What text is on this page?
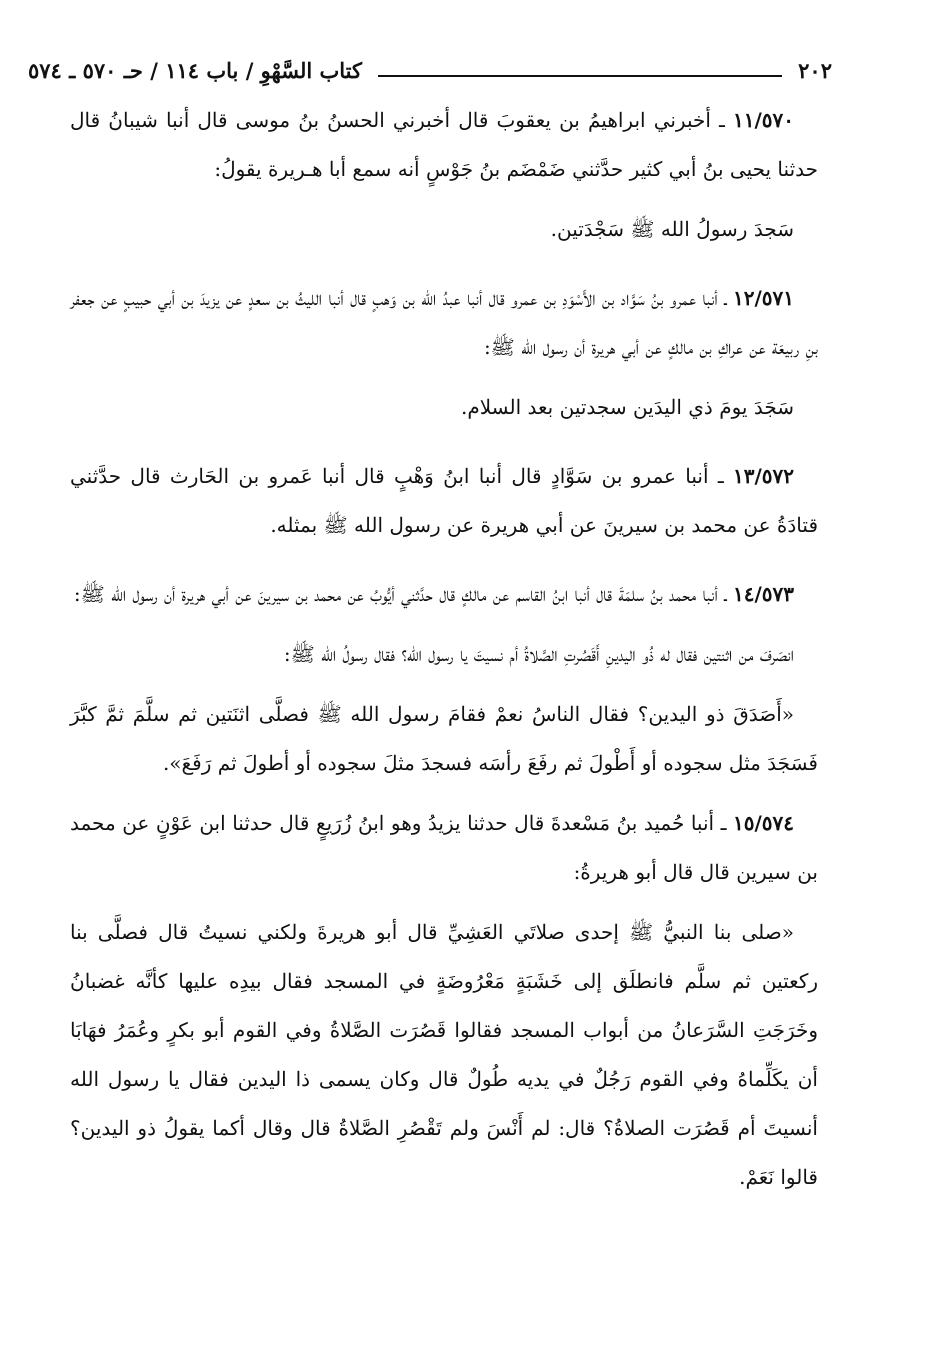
٢٠٢
كتاب السَّهْوِ / باب ١١٤ / حـ ٥٧٠ ـ ٥٧٤

١١/٥٧٠ ـ أخبرني ابراهيمُ بن يعقوبَ قال أخبرني الحسنُ بنُ موسى قال أنبا شيبانُ قال حدثنا يحيى بنُ أبي كثير حدَّثني ضَمْضَم بنُ جَوْسٍ أنه سمع أبا هـريرة يقولُ:

سَجدَ رسولُ الله ﷺ سَجْدَتين.

١٢/٥٧١ ـ أنبا عمرو بنُ سَوَّاد بن الأَسْوَدِ بن عمرو قال أنبا عبدُ الله بن وَهبٍ قال أنبا الليثُ بن سعدٍ عن يزيدَ بن أبي حبيبٍ عن جعفر بنِ ربيعَة عن عراكِ بن مالكٍ عن أبي هريرة أن رسول الله ﷺ:

سَجَدَ يومَ ذي اليدَين سجدتين بعد السلام.

١٣/٥٧٢ ـ أنبا عمرو بن سَوَّادٍ قال أنبا ابنُ وَهْبٍ قال أنبا عَمرو بن الحَارث قال حدَّثني قتادَةُ عن محمد بن سيرينَ عن أبي هريرة عن رسول الله ﷺ بمثله.

١٤/٥٧٣ ـ أنبا محمد بنُ سلمَةَ قال أنبا ابنُ القاسم عن مالكٍ قال حدَّثني أيُّوبُ عن محمد بن سيرينَ عن أبي هريرة أن رسول الله ﷺ:

انصَرفَ من اثنتين فقال له ذُو اليدينِ أَقَصُرتِ الصَّلاةُ أم نسيتَ يا رسول الله؟ فقال رسولُ الله ﷺ:

«أَصَدَقَ ذو اليدين؟ فقال الناسُ نعمْ فقامَ رسول الله ﷺ فصلَّى اثنَتين ثم سلَّمَ ثمَّ كبَّرَ فَسَجَدَ مثل سجوده أو أَطْولَ ثم رفَعَ رأسَه فسجدَ مثلَ سجوده أو أطولَ ثم رَفَعَ».

١٥/٥٧٤ ـ أنبا حُميد بنُ مَسْعدةَ قال حدثنا يزيدُ وهو ابنُ زُرَيعٍ قال حدثنا ابن عَوْنٍ عن محمد بن سيرين قال قال أبو هريرةُ:

«صلى بنا النبيُّ ﷺ إحدى صلاتَي العَشِيِّ قال أبو هريرةَ ولكني نسيتُ قال فصلَّى بنا ركعتين ثم سلَّم فانطلَق إلى خَشَبَةٍ مَعْرُوضَةٍ في المسجد فقال بيدِه عليها كأنَّه غضبانُ وخَرَجَتِ السَّرَعانُ من أبواب المسجد فقالوا قَصُرَت الصَّلاةُ وفي القوم أبو بكرٍ وعُمَرُ فهَابَا أن يكَلِّماهُ وفي القوم رَجُلٌ في يديه طُولٌ قال وكان يسمى ذا اليدين فقال يا رسول الله أنسيتَ أم قَصُرَت الصلاةُ؟ قال: لم أَنْسَ ولم تَقْصُرِ الصَّلاةُ قال وقال أكما يقولُ ذو اليدين؟ قالوا نَعَمْ.
